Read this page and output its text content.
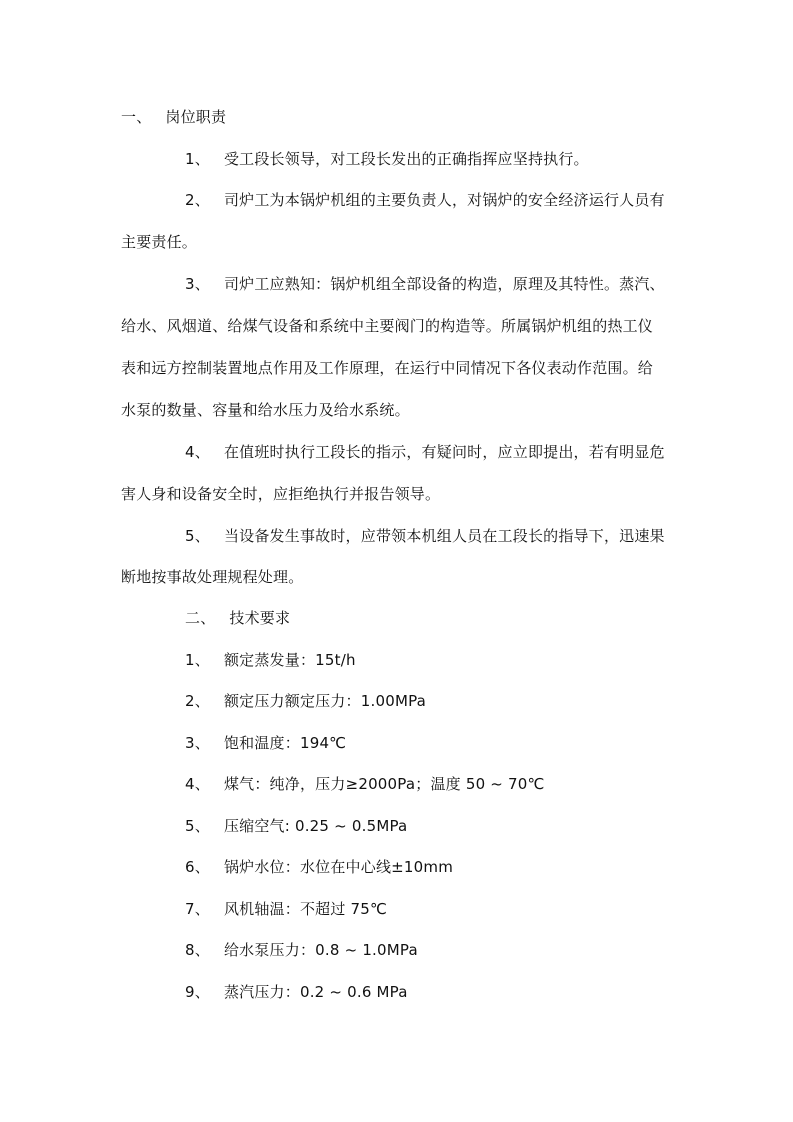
一、 岗位职责
1、 受工段长领导，对工段长发出的正确指挥应坚持执行。
2、 司炉工为本锅炉机组的主要负责人，对锅炉的安全经济运行人员有
主要责任。
3、 司炉工应熟知：锅炉机组全部设备的构造，原理及其特性。蒸汽、
给水、风烟道、给煤气设备和系统中主要阀门的构造等。所属锅炉机组的热工仪
表和远方控制装置地点作用及工作原理，在运行中同情况下各仪表动作范围。给
水泵的数量、容量和给水压力及给水系统。
4、 在值班时执行工段长的指示，有疑问时，应立即提出，若有明显危
害人身和设备安全时，应拒绝执行并报告领导。
5、 当设备发生事故时，应带领本机组人员在工段长的指导下，迅速果
断地按事故处理规程处理。
二、 技术要求
1、 额定蒸发量：15t/h
2、 额定压力额定压力：1.00MPa
3、 饱和温度：194℃
4、 煤气：纯净，压力≥2000Pa；温度 50 ~ 70℃
5、 压缩空气: 0.25 ~ 0.5MPa
6、 锅炉水位：水位在中心线±10mm
7、 风机轴温：不超过 75℃
8、 给水泵压力：0.8 ~ 1.0MPa
9、 蒸汽压力：0.2 ~ 0.6 MPa
